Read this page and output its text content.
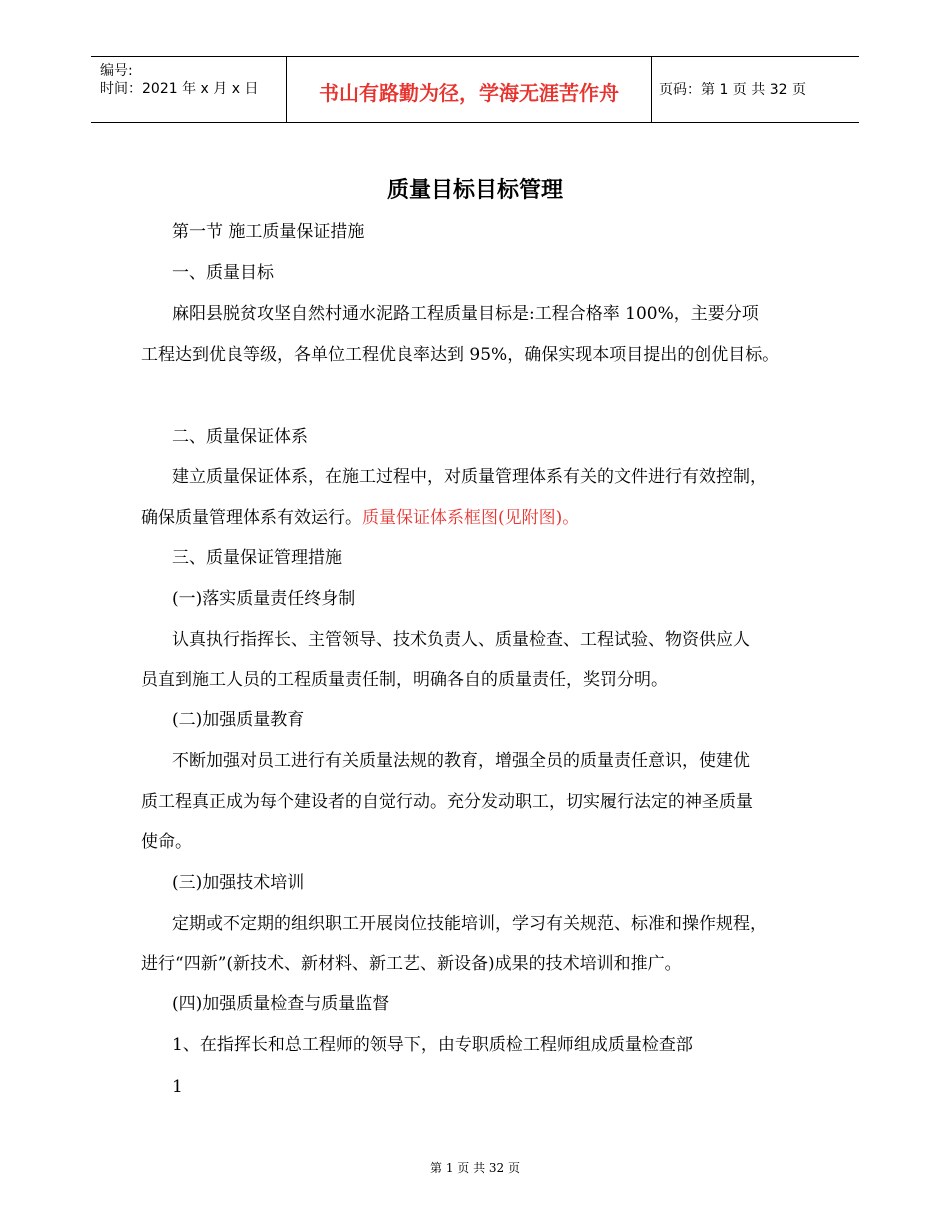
编号:
时间：2021 年 x 月 x 日	书山有路勤为径，学海无涯苦作舟	页码：第 1 页 共 32 页
质量目标目标管理
第一节 施工质量保证措施
一、质量目标
麻阳县脱贫攻坚自然村通水泥路工程质量目标是:工程合格率 100%，主要分项
工程达到优良等级，各单位工程优良率达到 95%，确保实现本项目提出的创优目标。
二、质量保证体系
建立质量保证体系，在施工过程中，对质量管理体系有关的文件进行有效控制，
确保质量管理体系有效运行。质量保证体系框图(见附图)。
三、质量保证管理措施
(一)落实质量责任终身制
认真执行指挥长、主管领导、技术负责人、质量检查、工程试验、物资供应人
员直到施工人员的工程质量责任制，明确各自的质量责任，奖罚分明。
(二)加强质量教育
不断加强对员工进行有关质量法规的教育，增强全员的质量责任意识，使建优
质工程真正成为每个建设者的自觉行动。充分发动职工，切实履行法定的神圣质量
使命。
(三)加强技术培训
定期或不定期的组织职工开展岗位技能培训，学习有关规范、标准和操作规程，
进行“四新”(新技术、新材料、新工艺、新设备)成果的技术培训和推广。
(四)加强质量检查与质量监督
1、在指挥长和总工程师的领导下，由专职质检工程师组成质量检查部
1
第 1 页 共 32 页
